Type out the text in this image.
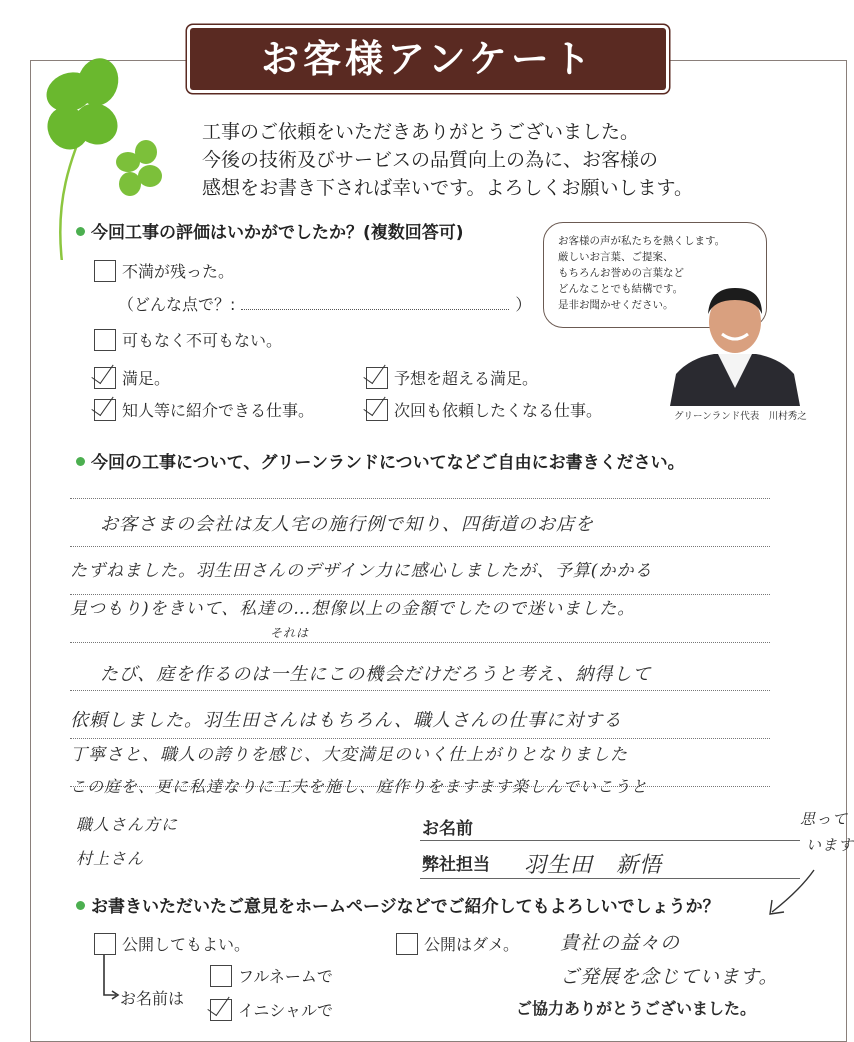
お客様アンケート
工事のご依頼をいただきありがとうございました。
今後の技術及びサービスの品質向上の為に、お客様の
感想をお書き下されば幸いです。よろしくお願いします。
今回工事の評価はいかがでしたか？(複数回答可)
不満が残った。
（どんな点で？:	）
可もなく不可もない。
満足。	予想を超える満足。
知人等に紹介できる仕事。	次回も依頼したくなる仕事。
お客様の声が私たちを熱くします。
厳しいお言葉、ご提案、
もちろんお誉めの言葉など
どんなことでも結構です。
是非お聞かせください。
グリーンランド代表　川村秀之
今回の工事について、グリーンランドについてなどご自由にお書きください。
お客さまの会社は友人宅の施行例で知り、四街道のお店を
たずねました。羽生田さんのデザイン力に感心しましたが、予算(かかる
見つもり)をきいて、私達の…想像以上の金額でしたので迷いました。
それは
たび、庭を作るのは一生にこの機会だけだろうと考え、納得して
依頼しました。羽生田さんはもちろん、職人さんの仕事に対する
丁寧さと、職人の誇りを感じ、大変満足のいく仕上がりとなりました
この庭を、更に私達なりに工夫を施し、庭作りをますます楽しんでいこうと
職人さん方に
村上さん
思って
います
お名前
弊社担当 羽生田　新悟
お書きいただいたご意見をホームページなどでご紹介してもよろしいでしょうか？
公開してもよい。	公開はダメ。
お名前は
フルネームで
イニシャルで
貴社の益々の
ご発展を念じています。
ご協力ありがとうございました。
